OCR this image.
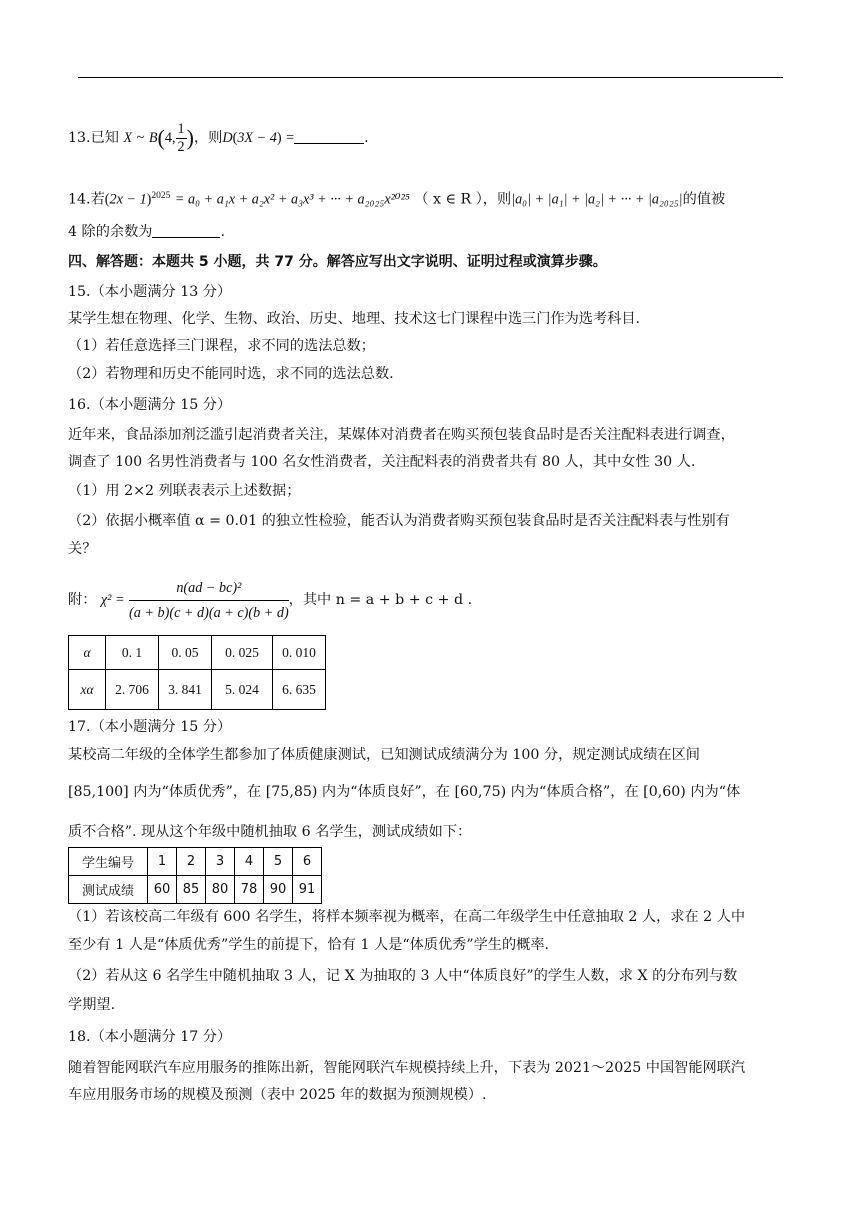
13.已知 X ~ B(4, $\frac{1}{2}$ )，则D(3X − 4) =	.
14.若$(2x - 1)^{2025} = a_0 + a_1x + a_2x^2 + a_3x^3$ + ··· + a₂₀₂₅x²⁰²⁵ （ x ∈ R ），则|a₀| + |a₁| + |a₂| + ··· + |a₂₀₂₅|的值被
4 除的余数为	.
四、解答题：本题共 5 小题，共 77 分。解答应写出文字说明、证明过程或演算步骤。
15.（本小题满分 13 分）
某学生想在物理、化学、生物、政治、历史、地理、技术这七门课程中选三门作为选考科目.
（1）若任意选择三门课程，求不同的选法总数；
（2）若物理和历史不能同时选，求不同的选法总数.
16.（本小题满分 15 分）
近年来，食品添加剂泛滥引起消费者关注，某媒体对消费者在购买预包装食品时是否关注配料表进行调查，
调查了 100 名男性消费者与 100 名女性消费者，关注配料表的消费者共有 80 人，其中女性 30 人.
（1）用 2×2 列联表表示上述数据；
（2）依据小概率值 α = 0.01 的独立性检验，能否认为消费者购买预包装食品时是否关注配料表与性别有
关？
附： $\chi^2 = \frac{\text{n(ad − bc)²}}{(a + b)(c + d)(a + c)(b + d)}$ ，其中 n = a + b + c + d .
α	0. 1	0. 05	0. 025	0. 010
xα	2. 706	3. 841	5. 024	6. 635
17.（本小题满分 15 分）
某校高二年级的全体学生都参加了体质健康测试，已知测试成绩满分为 100 分，规定测试成绩在区间
[85,100] 内为“体质优秀”，在 [75,85) 内为“体质良好”，在 [60,75) 内为“体质合格”，在 [0,60) 内为“体
质不合格”. 现从这个年级中随机抽取 6 名学生，测试成绩如下：
学生编号	1	2	3	4	5	6
测试成绩	60	85	80	78	90	91
（1）若该校高二年级有 600 名学生，将样本频率视为概率，在高二年级学生中任意抽取 2 人，求在 2 人中
至少有 1 人是“体质优秀”学生的前提下，恰有 1 人是“体质优秀”学生的概率.
（2）若从这 6 名学生中随机抽取 3 人，记 X 为抽取的 3 人中“体质良好”的学生人数，求 X 的分布列与数
学期望.
18.（本小题满分 17 分）
随着智能网联汽车应用服务的推陈出新，智能网联汽车规模持续上升，下表为 2021～2025 中国智能网联汽
车应用服务市场的规模及预测（表中 2025 年的数据为预测规模）.
